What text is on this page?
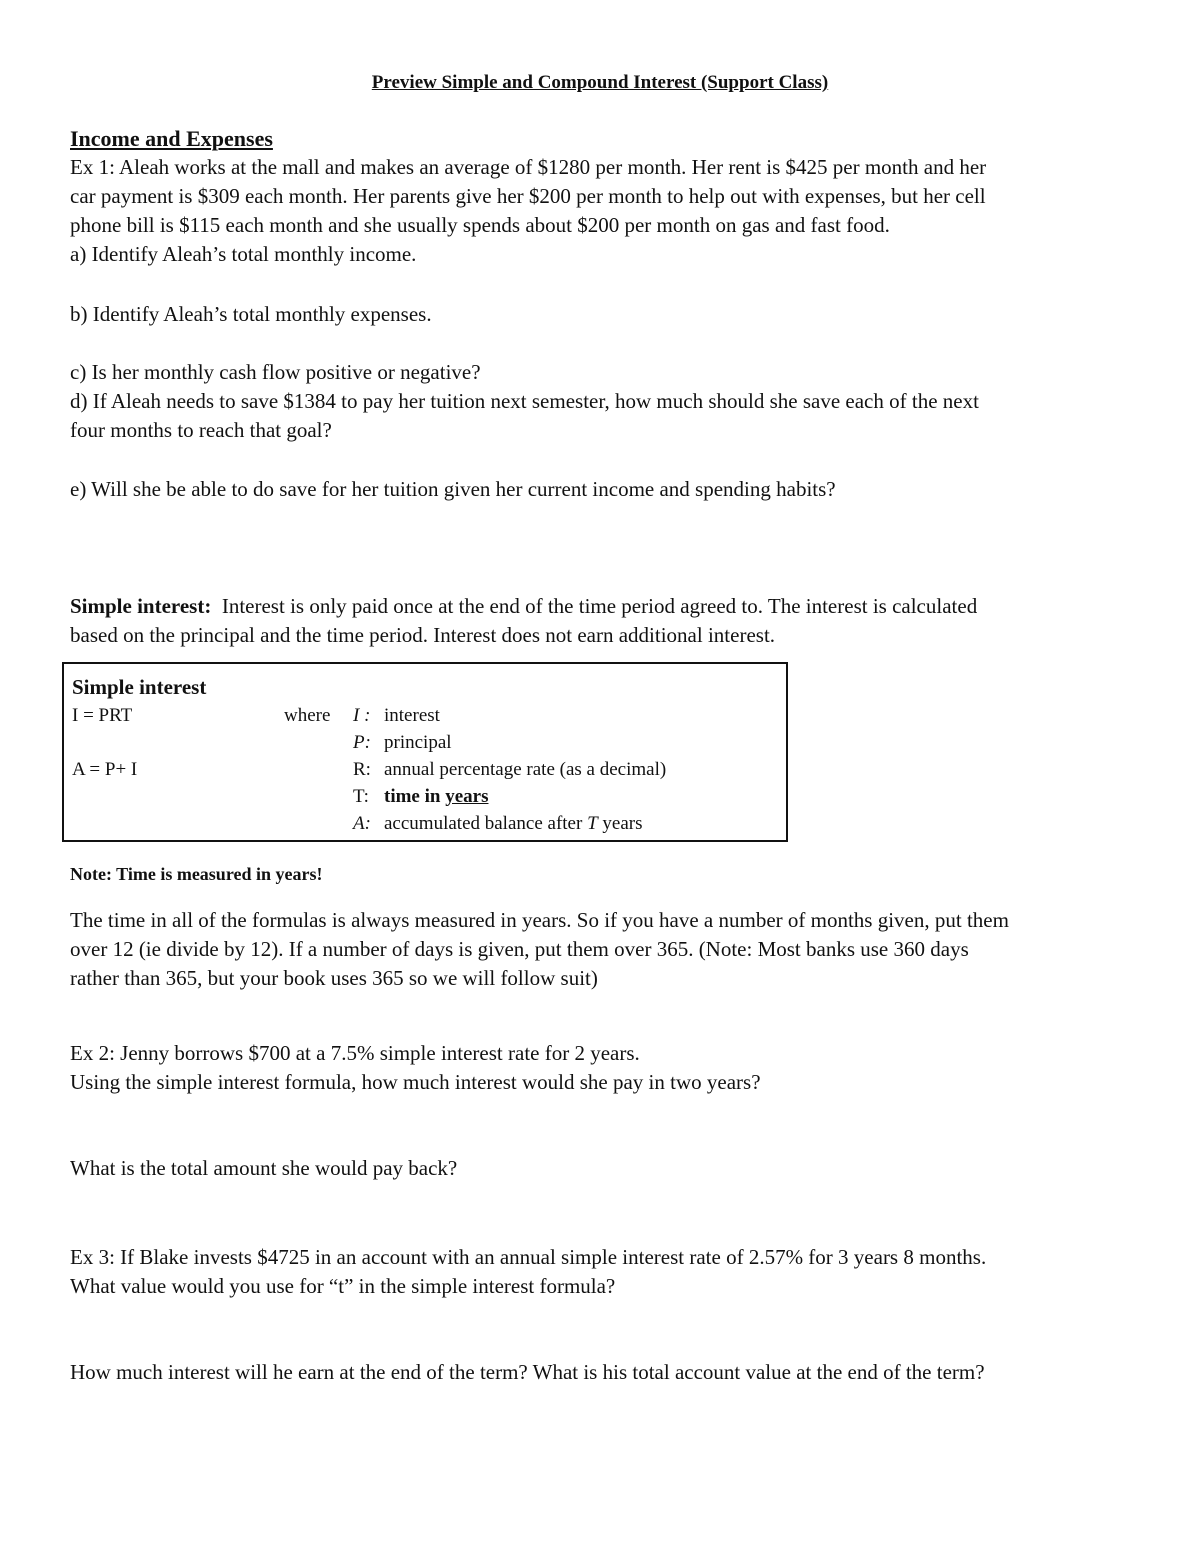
Preview Simple and Compound Interest (Support Class)

Income and Expenses

Ex 1: Aleah works at the mall and makes an average of $1280 per month. Her rent is $425 per month and her

car payment is $309 each month. Her parents give her $200 per month to help out with expenses, but her cell

phone bill is $115 each month and she usually spends about $200 per month on gas and fast food.

a) Identify Aleah’s total monthly income.

b) Identify Aleah’s total monthly expenses.

c) Is her monthly cash flow positive or negative?

d) If Aleah needs to save $1384 to pay her tuition next semester, how much should she save each of the next

four months to reach that goal?

e) Will she be able to do save for her tuition given her current income and spending habits?

Simple interest:  Interest is only paid once at the end of the time period agreed to. The interest is calculated

based on the principal and the time period. Interest does not earn additional interest.

Simple interest
I = PRT
A = P+ I
where I : interest
P: principal
R: annual percentage rate (as a decimal)
T: time in years
A: accumulated balance after T years
Note: Time is measured in years!

The time in all of the formulas is always measured in years. So if you have a number of months given, put them

over 12 (ie divide by 12). If a number of days is given, put them over 365. (Note: Most banks use 360 days

rather than 365, but your book uses 365 so we will follow suit)

Ex 2: Jenny borrows $700 at a 7.5% simple interest rate for 2 years.

Using the simple interest formula, how much interest would she pay in two years?

What is the total amount she would pay back?

Ex 3: If Blake invests $4725 in an account with an annual simple interest rate of 2.57% for 3 years 8 months.

What value would you use for “t” in the simple interest formula?

How much interest will he earn at the end of the term? What is his total account value at the end of the term?
